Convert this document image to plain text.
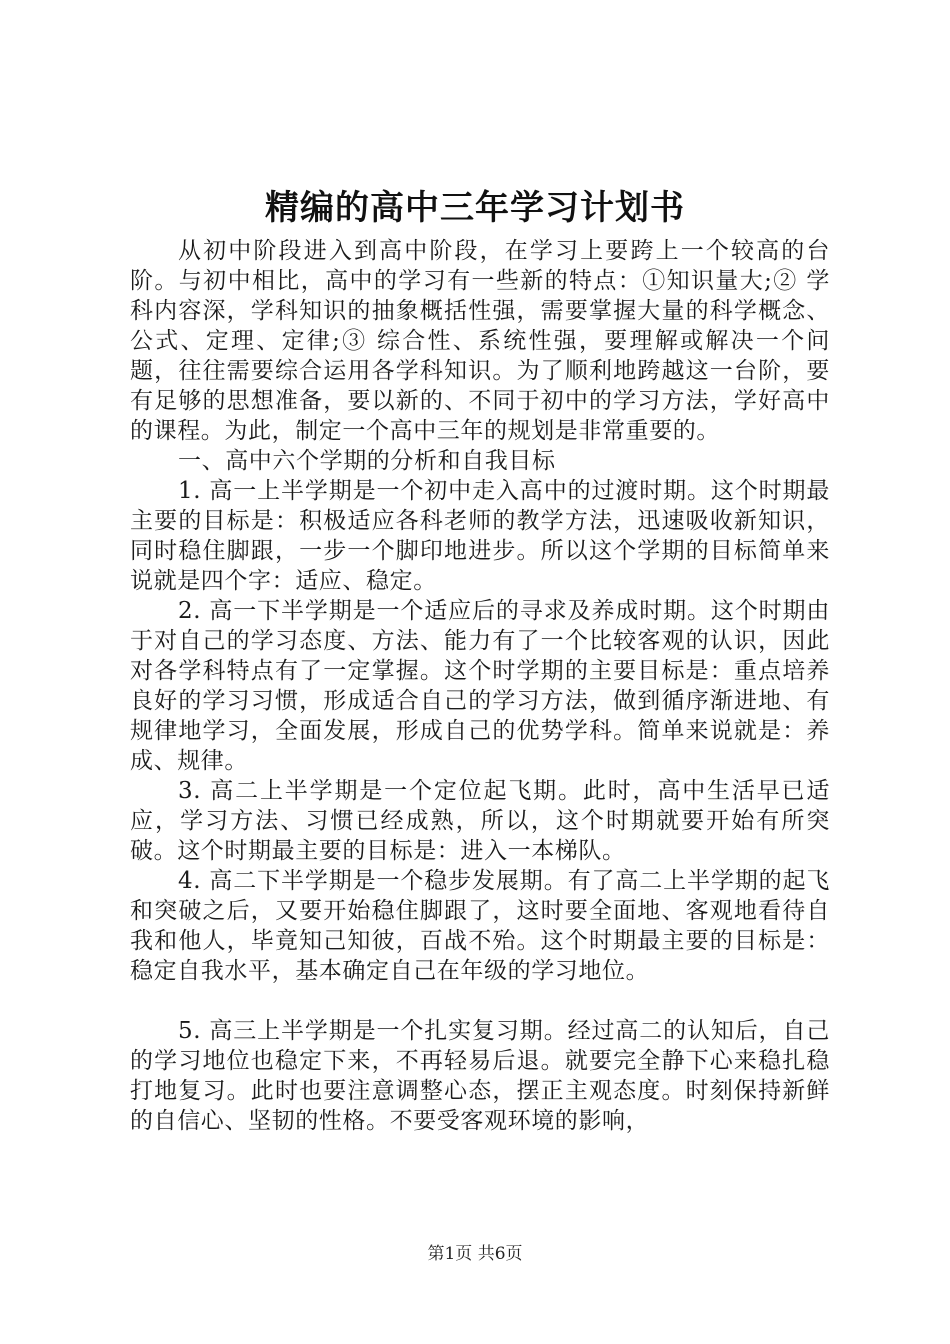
精编的高中三年学习计划书

从初中阶段进入到高中阶段，在学习上要跨上一个较高的台阶。与初中相比，高中的学习有一些新的特点：①知识量大;② 学科内容深，学科知识的抽象概括性强，需要掌握大量的科学概念、公式、定理、定律;③ 综合性、系统性强，要理解或解决一个问题，往往需要综合运用各学科知识。为了顺利地跨越这一台阶，要有足够的思想准备，要以新的、不同于初中的学习方法，学好高中的课程。为此，制定一个高中三年的规划是非常重要的。

一、高中六个学期的分析和自我目标

1. 高一上半学期是一个初中走入高中的过渡时期。这个时期最主要的目标是：积极适应各科老师的教学方法，迅速吸收新知识，同时稳住脚跟，一步一个脚印地进步。所以这个学期的目标简单来说就是四个字：适应、稳定。

2. 高一下半学期是一个适应后的寻求及养成时期。这个时期由于对自己的学习态度、方法、能力有了一个比较客观的认识，因此对各学科特点有了一定掌握。这个时学期的主要目标是：重点培养良好的学习习惯，形成适合自己的学习方法，做到循序渐进地、有规律地学习，全面发展，形成自己的优势学科。简单来说就是：养成、规律。

3. 高二上半学期是一个定位起飞期。此时，高中生活早已适应，学习方法、习惯已经成熟，所以，这个时期就要开始有所突破。这个时期最主要的目标是：进入一本梯队。

4. 高二下半学期是一个稳步发展期。有了高二上半学期的起飞和突破之后，又要开始稳住脚跟了，这时要全面地、客观地看待自我和他人，毕竟知己知彼，百战不殆。这个时期最主要的目标是：稳定自我水平，基本确定自己在年级的学习地位。

5. 高三上半学期是一个扎实复习期。经过高二的认知后，自己的学习地位也稳定下来，不再轻易后退。就要完全静下心来稳扎稳打地复习。此时也要注意调整心态，摆正主观态度。时刻保持新鲜的自信心、坚韧的性格。不要受客观环境的影响，

第1页 共6页
